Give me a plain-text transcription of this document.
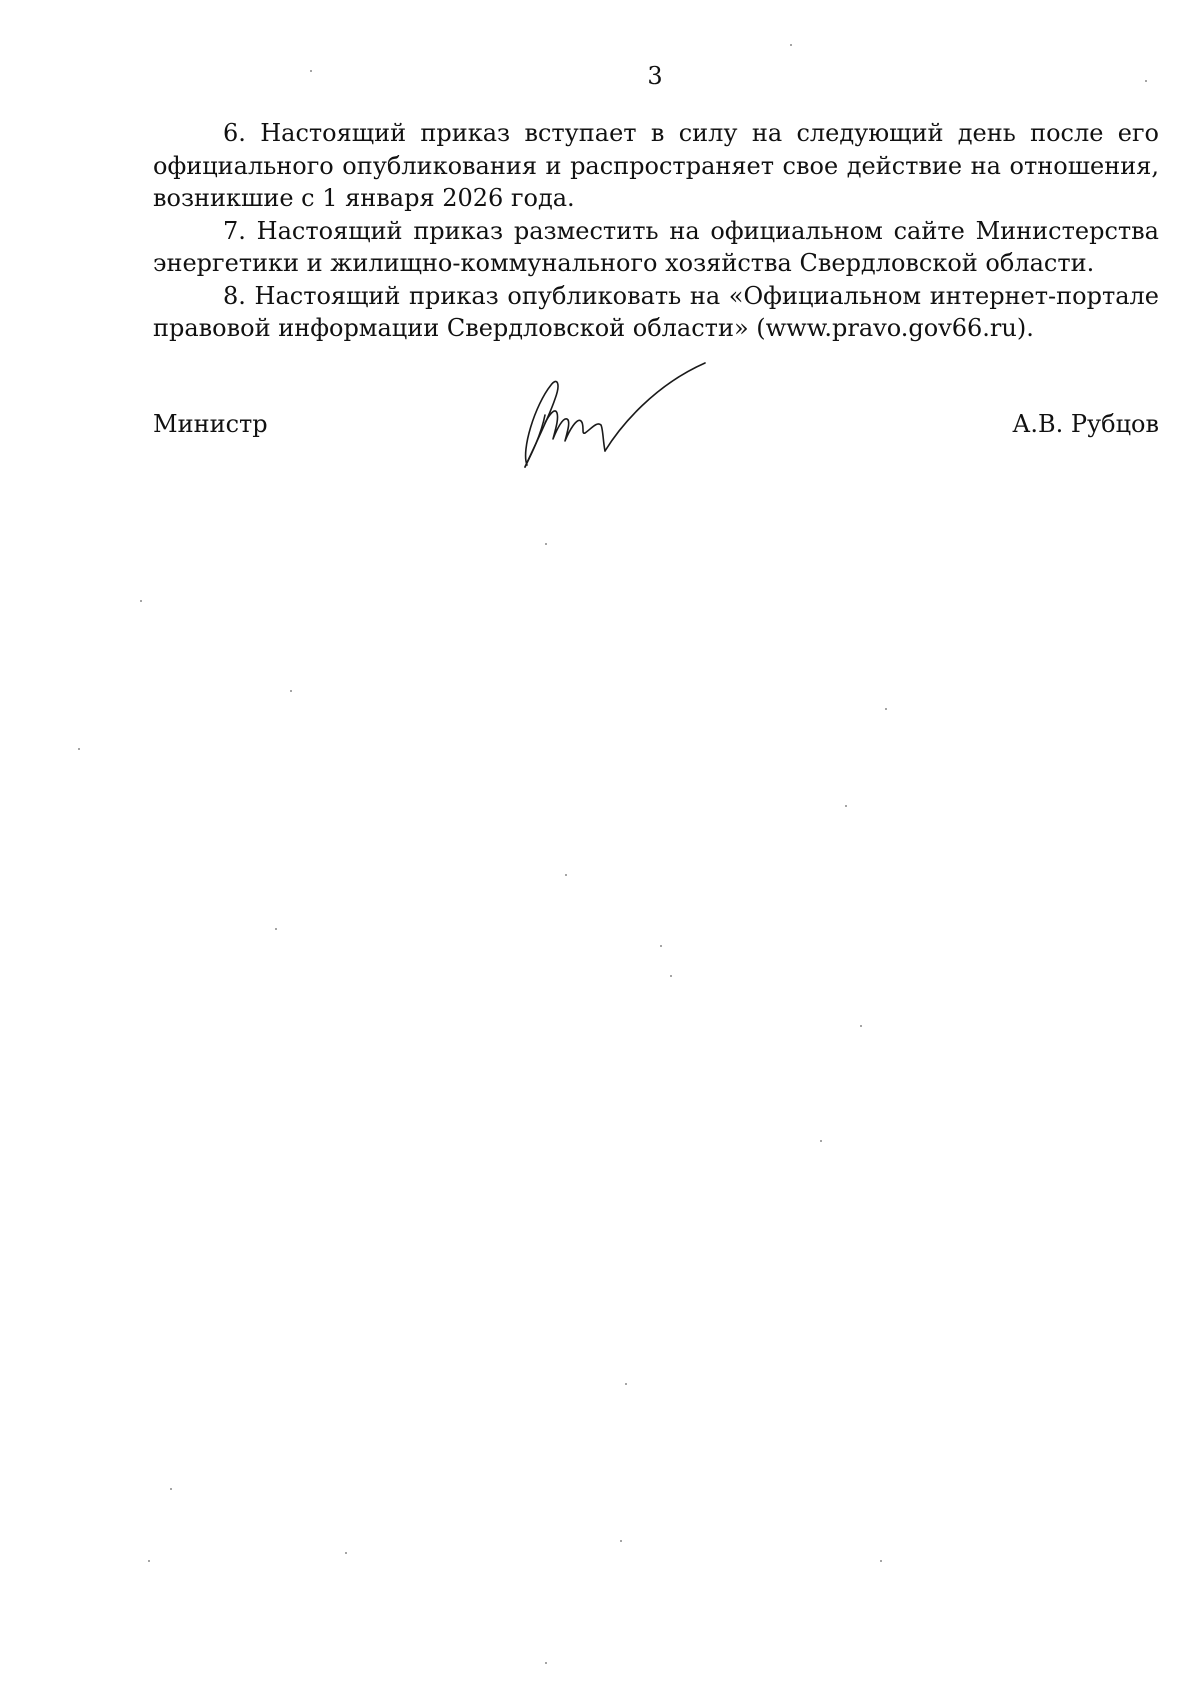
3

6. Настоящий приказ вступает в силу на следующий день после его официального опубликования и распространяет свое действие на отношения, возникшие с 1 января 2026 года.

7. Настоящий приказ разместить на официальном сайте Министерства энергетики и жилищно-коммунального хозяйства Свердловской области.

8. Настоящий приказ опубликовать на «Официальном интернет-портале правовой информации Свердловской области» (www.pravo.gov66.ru).

Министр	А.В. Рубцов
